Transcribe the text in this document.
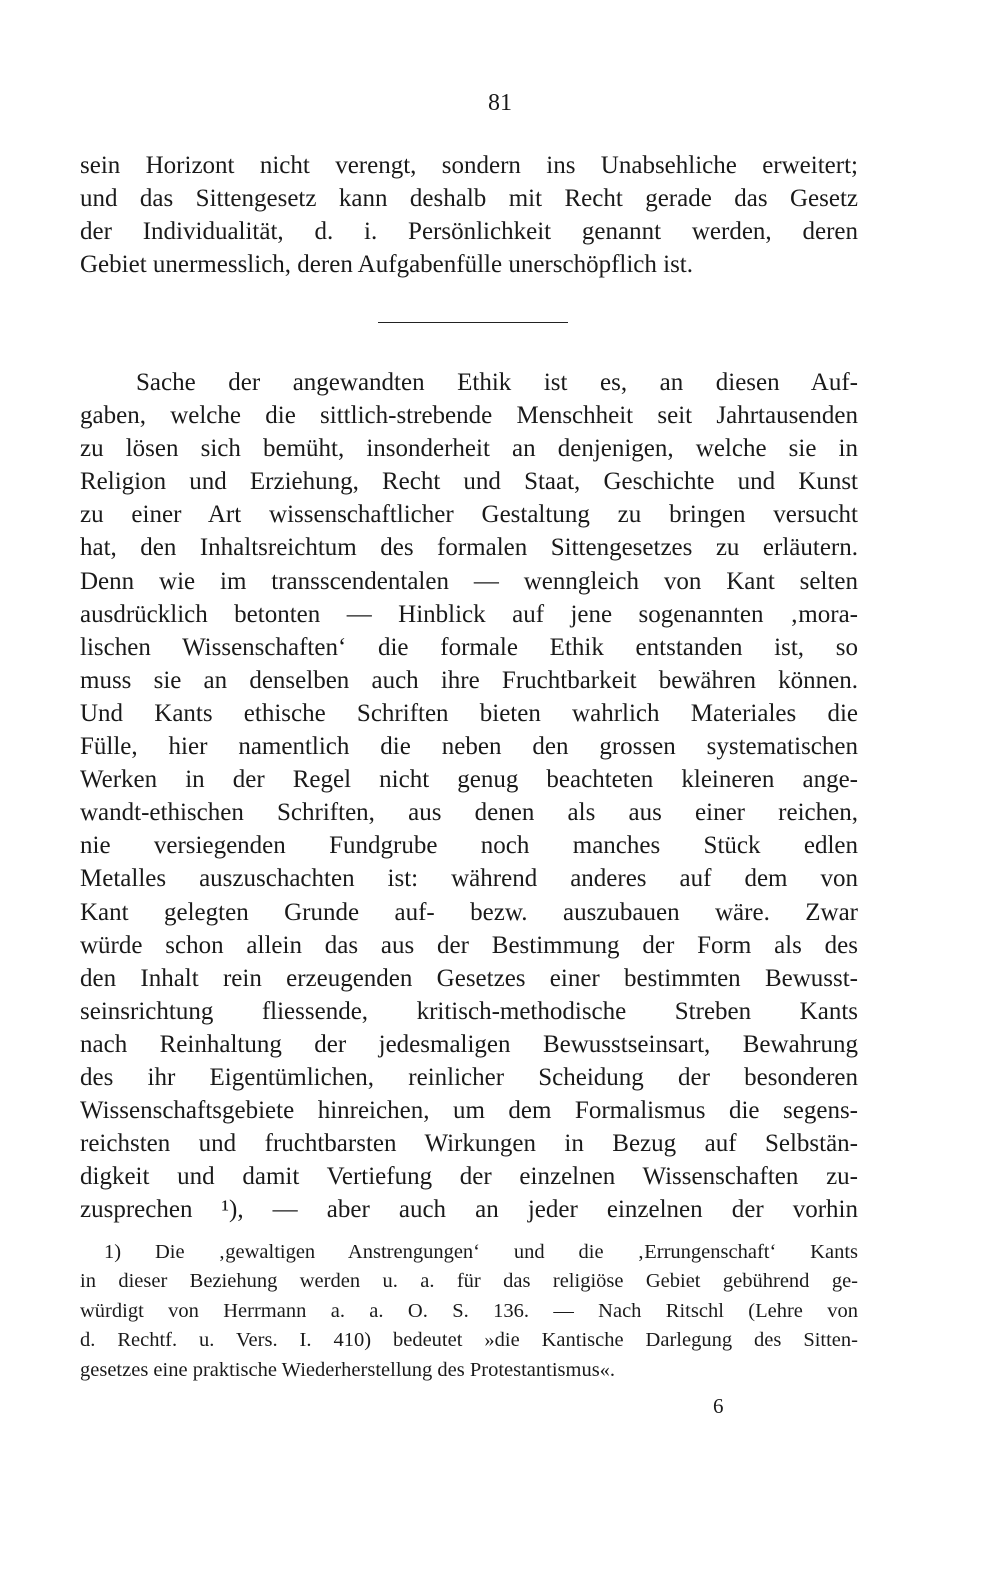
81
sein Horizont nicht verengt, sondern ins Unabsehliche erweitert;
und das Sittengesetz kann deshalb mit Recht gerade das Gesetz
der Individualität, d. i. Persönlichkeit genannt werden, deren
Gebiet unermesslich, deren Aufgabenfülle unerschöpflich ist.
Sache der angewandten Ethik ist es, an diesen Auf-
gaben, welche die sittlich-strebende Menschheit seit Jahrtausenden
zu lösen sich bemüht, insonderheit an denjenigen, welche sie in
Religion und Erziehung, Recht und Staat, Geschichte und Kunst
zu einer Art wissenschaftlicher Gestaltung zu bringen versucht
hat, den Inhaltsreichtum des formalen Sittengesetzes zu erläutern.
Denn wie im transscendentalen — wenngleich von Kant selten
ausdrücklich betonten — Hinblick auf jene sogenannten ‚mora-
lischen Wissenschaften‘ die formale Ethik entstanden ist, so
muss sie an denselben auch ihre Fruchtbarkeit bewähren können.
Und Kants ethische Schriften bieten wahrlich Materiales die
Fülle, hier namentlich die neben den grossen systematischen
Werken in der Regel nicht genug beachteten kleineren ange-
wandt-ethischen Schriften, aus denen als aus einer reichen,
nie versiegenden Fundgrube noch manches Stück edlen
Metalles auszuschachten ist: während anderes auf dem von
Kant gelegten Grunde auf- bezw. auszubauen wäre. Zwar
würde schon allein das aus der Bestimmung der Form als des
den Inhalt rein erzeugenden Gesetzes einer bestimmten Bewusst-
seinsrichtung fliessende, kritisch-methodische Streben Kants
nach Reinhaltung der jedesmaligen Bewusstseinsart, Bewahrung
des ihr Eigentümlichen, reinlicher Scheidung der besonderen
Wissenschaftsgebiete hinreichen, um dem Formalismus die segens-
reichsten und fruchtbarsten Wirkungen in Bezug auf Selbstän-
digkeit und damit Vertiefung der einzelnen Wissenschaften zu-
zusprechen ¹), — aber auch an jeder einzelnen der vorhin
1) Die ‚gewaltigen Anstrengungen‘ und die ‚Errungenschaft‘ Kants
in dieser Beziehung werden u. a. für das religiöse Gebiet gebührend ge-
würdigt von Herrmann a. a. O. S. 136. — Nach Ritschl (Lehre von
d. Rechtf. u. Vers. I. 410) bedeutet »die Kantische Darlegung des Sitten-
gesetzes eine praktische Wiederherstellung des Protestantismus«.
6
